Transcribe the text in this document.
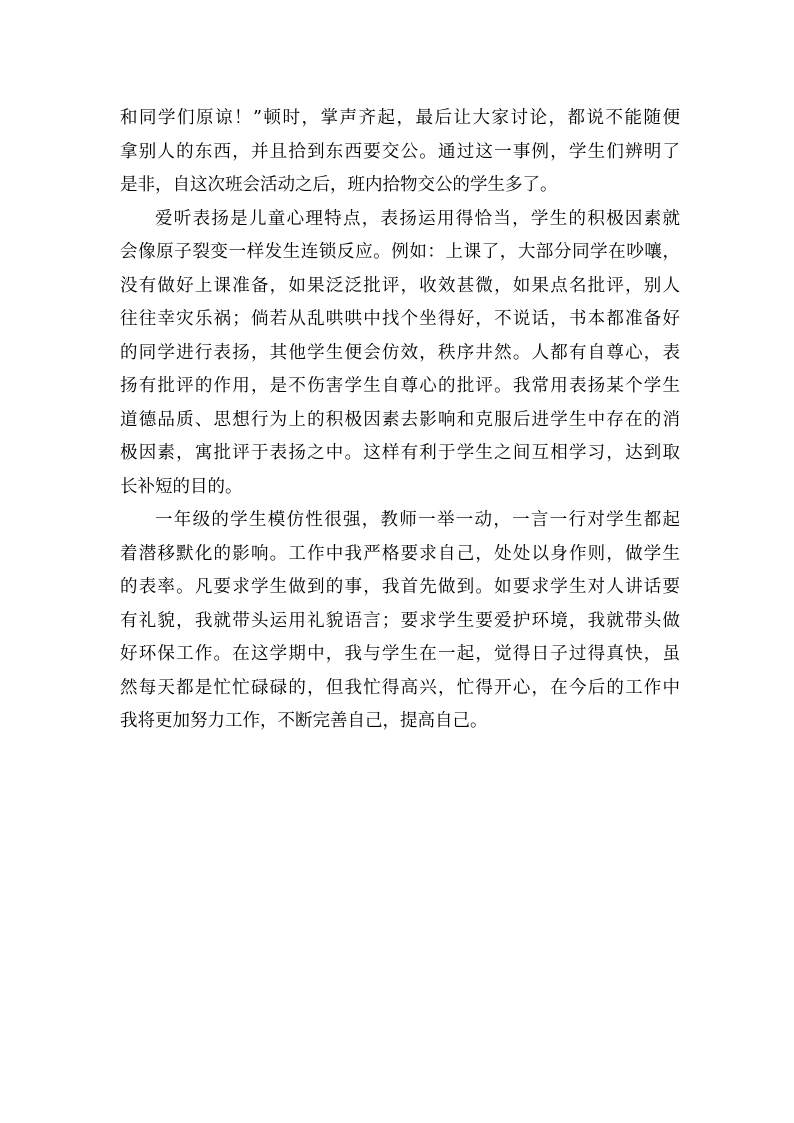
和同学们原谅！”顿时，掌声齐起，最后让大家讨论，都说不能随便
拿别人的东西，并且拾到东西要交公。通过这一事例，学生们辨明了
是非，自这次班会活动之后，班内拾物交公的学生多了。
爱听表扬是儿童心理特点，表扬运用得恰当，学生的积极因素就
会像原子裂变一样发生连锁反应。例如：上课了，大部分同学在吵嚷，
没有做好上课准备，如果泛泛批评，收效甚微，如果点名批评，别人
往往幸灾乐祸；倘若从乱哄哄中找个坐得好，不说话，书本都准备好
的同学进行表扬，其他学生便会仿效，秩序井然。人都有自尊心，表
扬有批评的作用，是不伤害学生自尊心的批评。我常用表扬某个学生
道德品质、思想行为上的积极因素去影响和克服后进学生中存在的消
极因素，寓批评于表扬之中。这样有利于学生之间互相学习，达到取
长补短的目的。
一年级的学生模仿性很强，教师一举一动，一言一行对学生都起
着潜移默化的影响。工作中我严格要求自己，处处以身作则，做学生
的表率。凡要求学生做到的事，我首先做到。如要求学生对人讲话要
有礼貌，我就带头运用礼貌语言；要求学生要爱护环境，我就带头做
好环保工作。在这学期中，我与学生在一起，觉得日子过得真快，虽
然每天都是忙忙碌碌的，但我忙得高兴，忙得开心，在今后的工作中
我将更加努力工作，不断完善自己，提高自己。
